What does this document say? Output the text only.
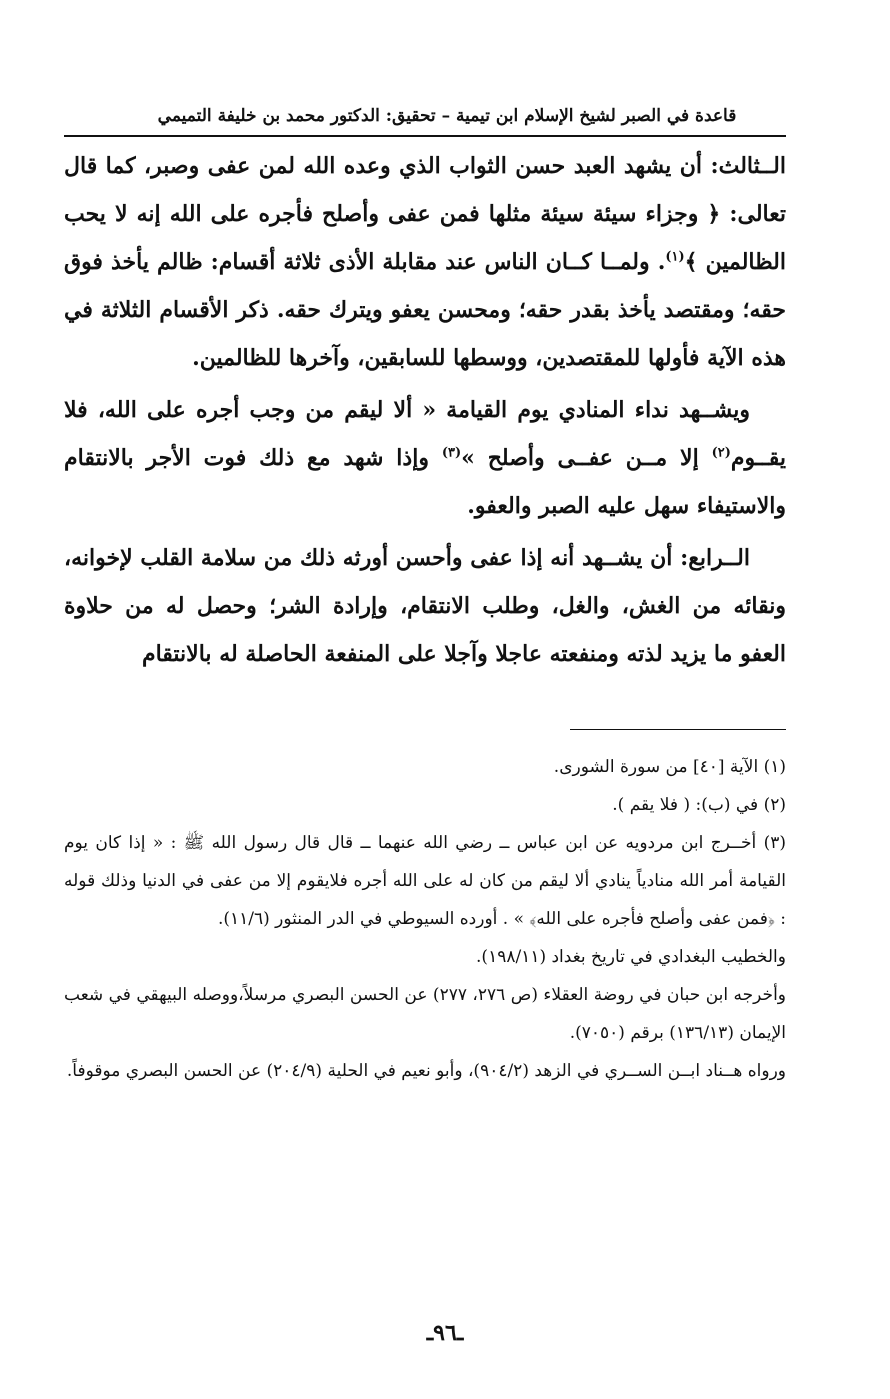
قاعدة في الصبر لشيخ الإسلام ابن تيمية – تحقيق: الدكتور محمد بن خليفة التميمي

الــثالث: أن يشهد العبد حسن الثواب الذي وعده الله لمن عفى وصبر، كما قال تعالى: ﴿ وجزاء سيئة سيئة مثلها فمن عفى وأصلح فأجره على الله إنه لا يحب الظالمين ﴾$^{(١)}$. ولمــا كــان الناس عند مقابلة الأذى ثلاثة أقسام: ظالم يأخذ فوق حقه؛ ومقتصد يأخذ بقدر حقه؛ ومحسن يعفو ويترك حقه. ذكر الأقسام الثلاثة في هذه الآية فأولها للمقتصدين، ووسطها للسابقين، وآخرها للظالمين.

ويشــهد نداء المنادي يوم القيامة « ألا ليقم من وجب أجره على الله، فلا يقــوم$^{(٢)}$ إلا مــن عفــى وأصلح »$^{(٣)}$ وإذا شهد مع ذلك فوت الأجر بالانتقام والاستيفاء سهل عليه الصبر والعفو.

الــرابع: أن يشــهد أنه إذا عفى وأحسن أورثه ذلك من سلامة القلب لإخوانه، ونقائه من الغش، والغل، وطلب الانتقام، وإرادة الشر؛ وحصل له من حلاوة العفو ما يزيد لذته ومنفعته عاجلا وآجلا على المنفعة الحاصلة له بالانتقام

(١) الآية [٤٠] من سورة الشورى.

(٢) في (ب): ( فلا يقم ).

(٣) أخــرج ابن مردويه عن ابن عباس ــ رضي الله عنهما ــ قال قال رسول الله ﷺ : « إذا كان يوم القيامة أمر الله منادياً ينادي ألا ليقم من كان له على الله أجره فلايقوم إلا من عفى في الدنيا وذلك قوله : ﴿فمن عفى وأصلح فأجره على الله﴾ » . أورده السيوطي في الدر المنثور (١١/٦).

والخطيب البغدادي في تاريخ بغداد (١٩٨/١١).

وأخرجه ابن حبان في روضة العقلاء (ص ٢٧٦، ٢٧٧) عن الحسن البصري مرسلاً،ووصله البيهقي في شعب الإيمان (١٣٦/١٣) برقم (٧٠٥٠).

ورواه هــناد ابــن الســري في الزهد (٩٠٤/٢)، وأبو نعيم في الحلية (٢٠٤/٩) عن الحسن البصري موقوفاً.

ـ٩٦ـ
